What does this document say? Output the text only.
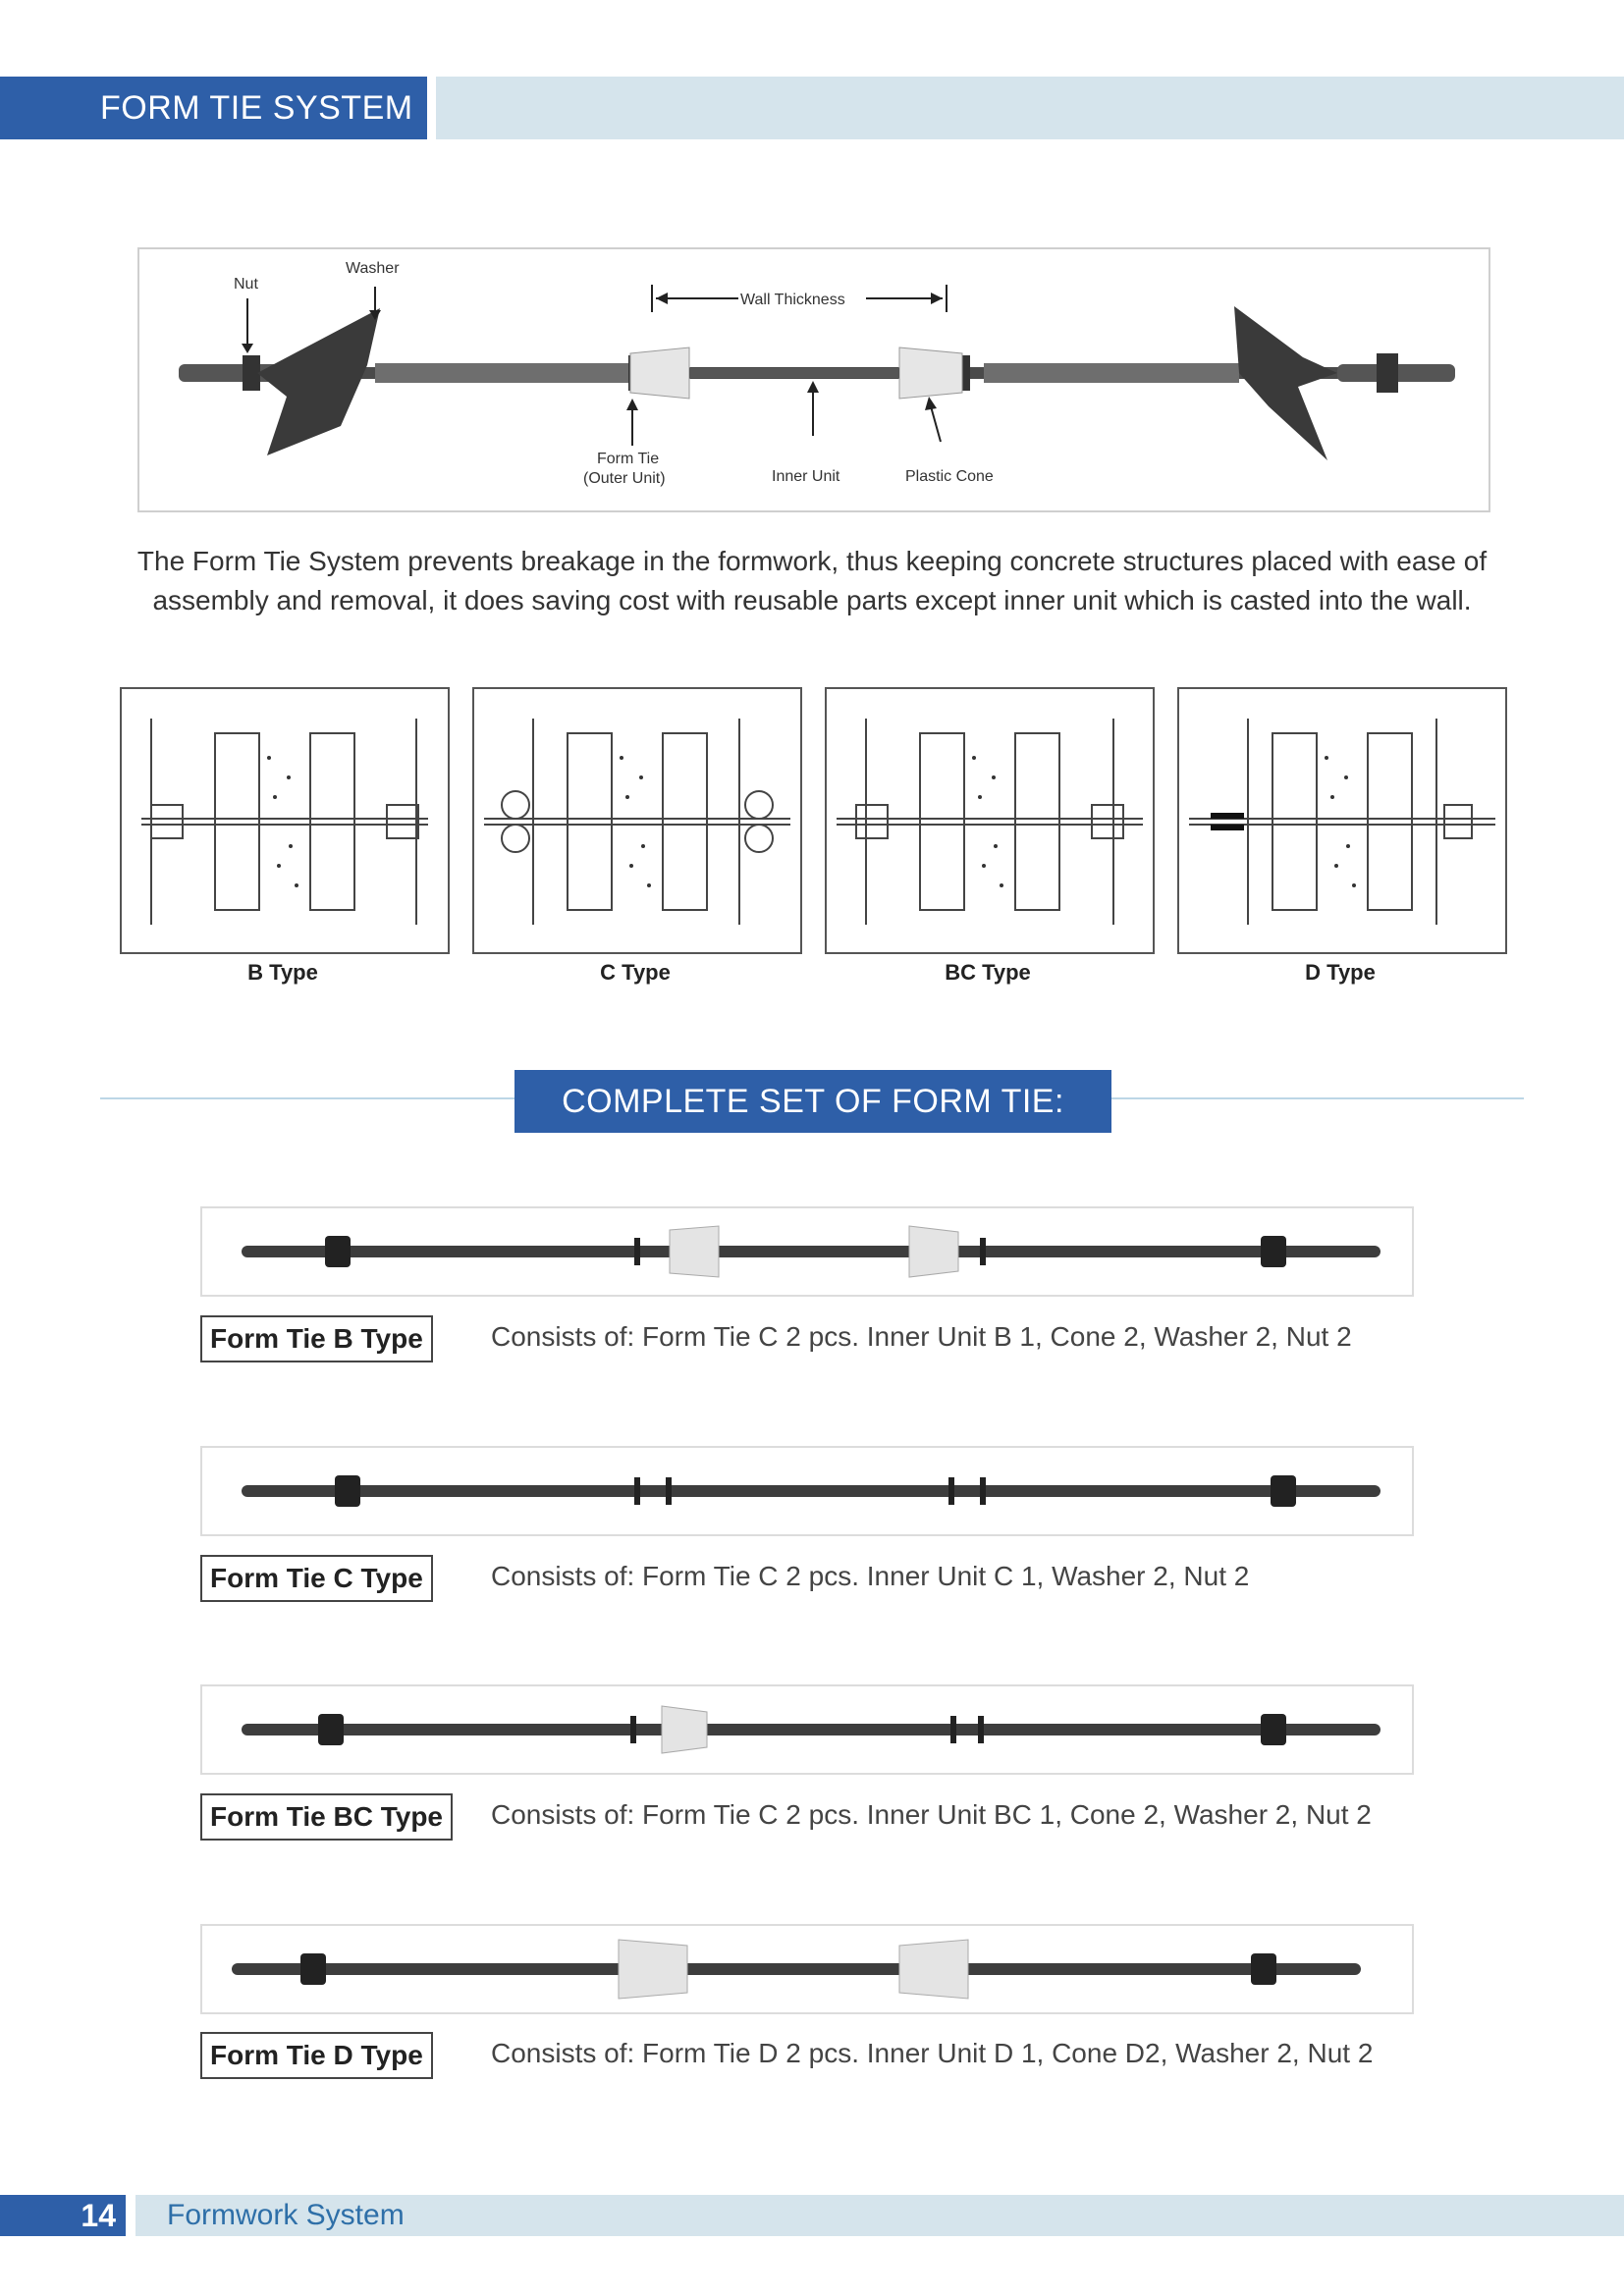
FORM TIE SYSTEM
Nut
Washer
Wall Thickness
Form Tie
(Outer Unit)	Inner Unit	Plastic Cone
The Form Tie System prevents breakage in the formwork, thus keeping concrete structures placed with ease of assembly and removal, it does saving cost with reusable parts except inner unit which is casted into the wall.
B Type	C Type	BC Type	D Type
COMPLETE SET OF FORM TIE:
Form Tie B Type	Consists of: Form Tie C 2 pcs. Inner Unit B 1, Cone 2, Washer 2, Nut 2
Form Tie C Type	Consists of: Form Tie C 2 pcs. Inner Unit C 1, Washer 2, Nut 2
Form Tie BC Type	Consists of: Form Tie C 2 pcs. Inner Unit BC 1, Cone 2, Washer 2, Nut 2
Form Tie D Type	Consists of: Form Tie D 2 pcs. Inner Unit D 1, Cone D2, Washer 2, Nut 2
14	Formwork System
